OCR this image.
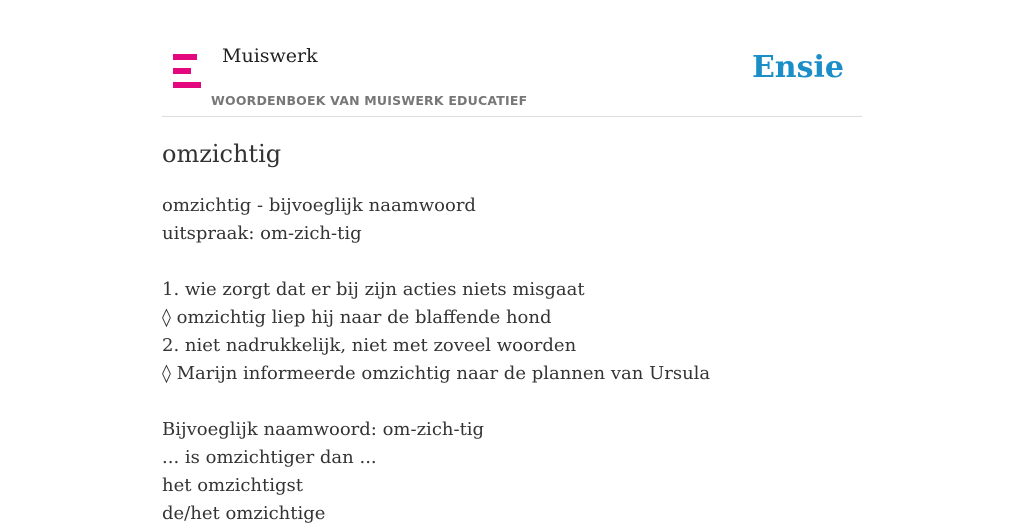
Muiswerk
WOORDENBOEK VAN MUISWERK EDUCATIEF
Ensie
omzichtig
omzichtig - bijvoeglijk naamwoord
uitspraak: om-zich-tig
1. wie zorgt dat er bij zijn acties niets misgaat
◊ omzichtig liep hij naar de blaffende hond
2. niet nadrukkelijk, niet met zoveel woorden
◊ Marijn informeerde omzichtig naar de plannen van Ursula
Bijvoeglijk naamwoord: om-zich-tig
... is omzichtiger dan ...
het omzichtigst
de/het omzichtige
